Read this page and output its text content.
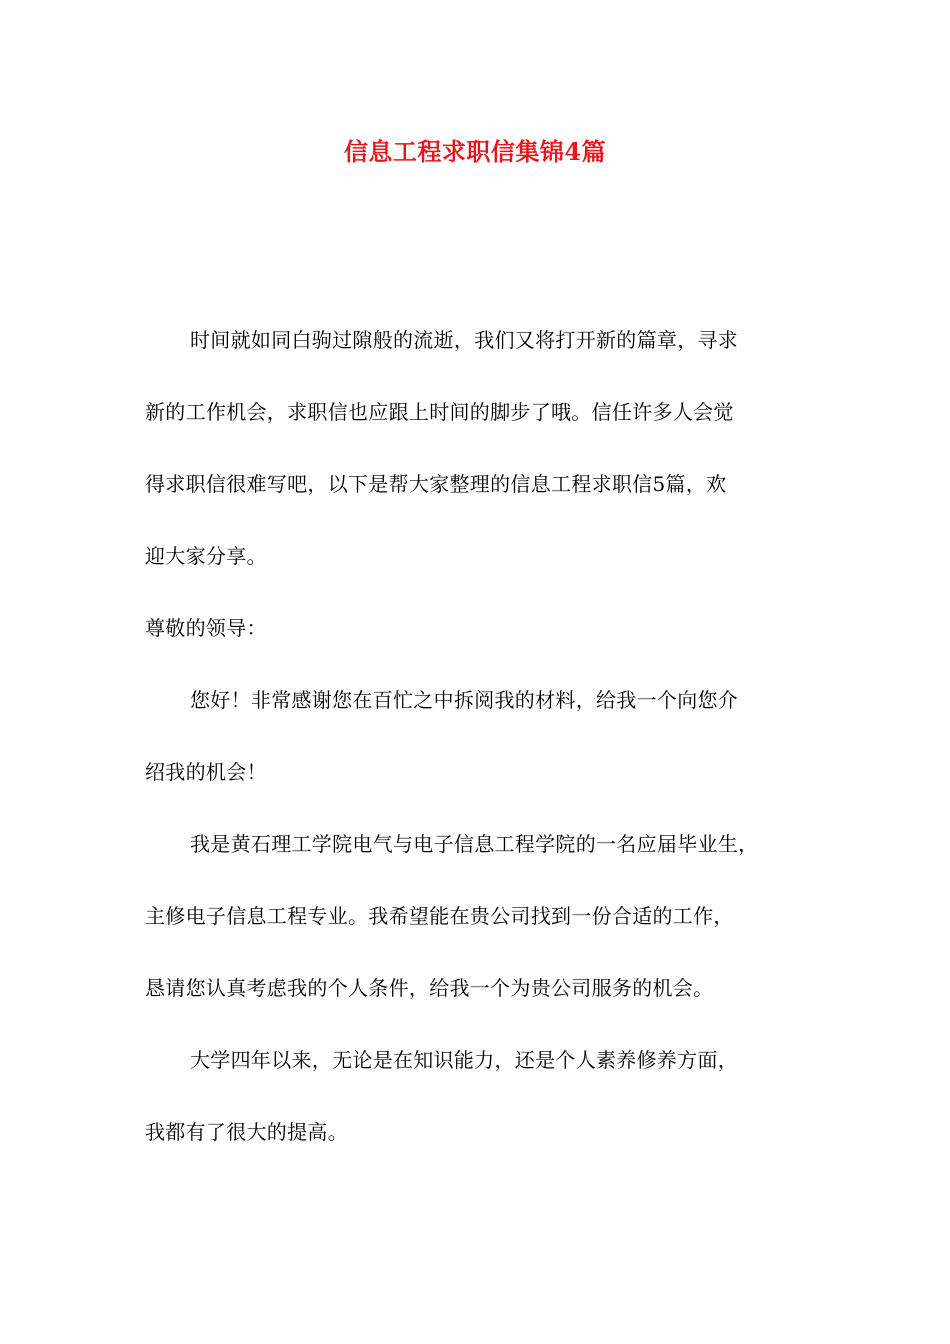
信息工程求职信集锦4篇
时间就如同白驹过隙般的流逝，我们又将打开新的篇章，寻求
新的工作机会，求职信也应跟上时间的脚步了哦。信任许多人会觉
得求职信很难写吧，以下是帮大家整理的信息工程求职信5篇，欢
迎大家分享。
尊敬的领导：
您好！非常感谢您在百忙之中拆阅我的材料，给我一个向您介
绍我的机会！
我是黄石理工学院电气与电子信息工程学院的一名应届毕业生，
主修电子信息工程专业。我希望能在贵公司找到一份合适的工作，
恳请您认真考虑我的个人条件，给我一个为贵公司服务的机会。
大学四年以来，无论是在知识能力，还是个人素养修养方面，
我都有了很大的提高。
